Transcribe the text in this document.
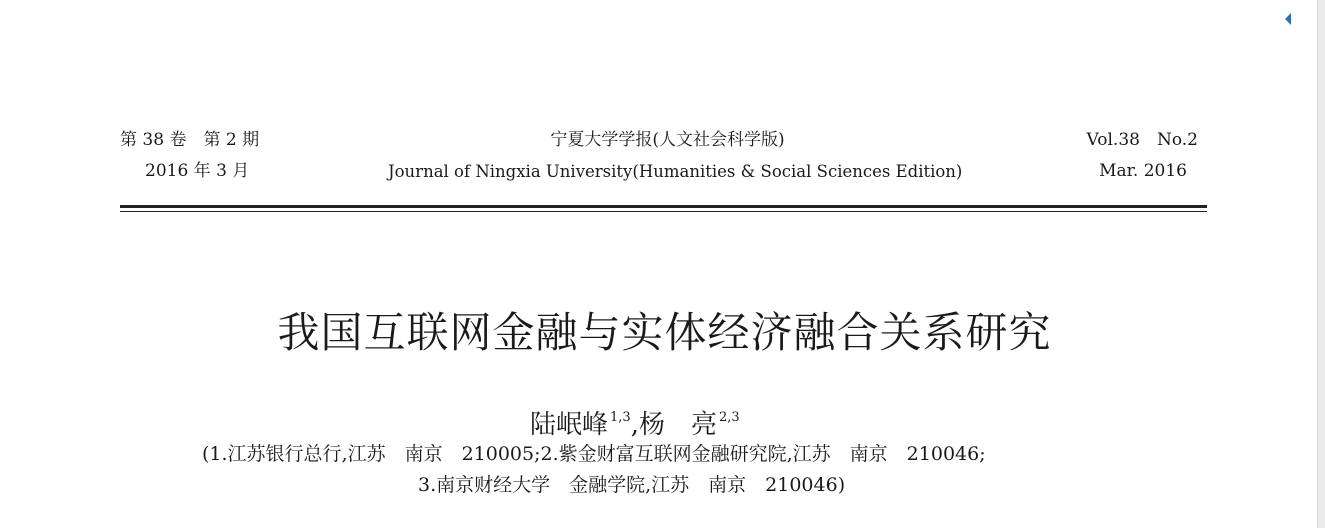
第 38 卷　第 2 期
2016 年 3 月
宁夏大学学报(人文社会科学版)
Journal of Ningxia University(Humanities & Social Sciences Edition)
Vol.38　No.2
Mar. 2016
我国互联网金融与实体经济融合关系研究
陆岷峰 $^{1,3}$,杨　亮 $^{2,3}$
(1.江苏银行总行,江苏　南京　210005;2.紫金财富互联网金融研究院,江苏　南京　210046;
3.南京财经大学　金融学院,江苏　南京　210046)
